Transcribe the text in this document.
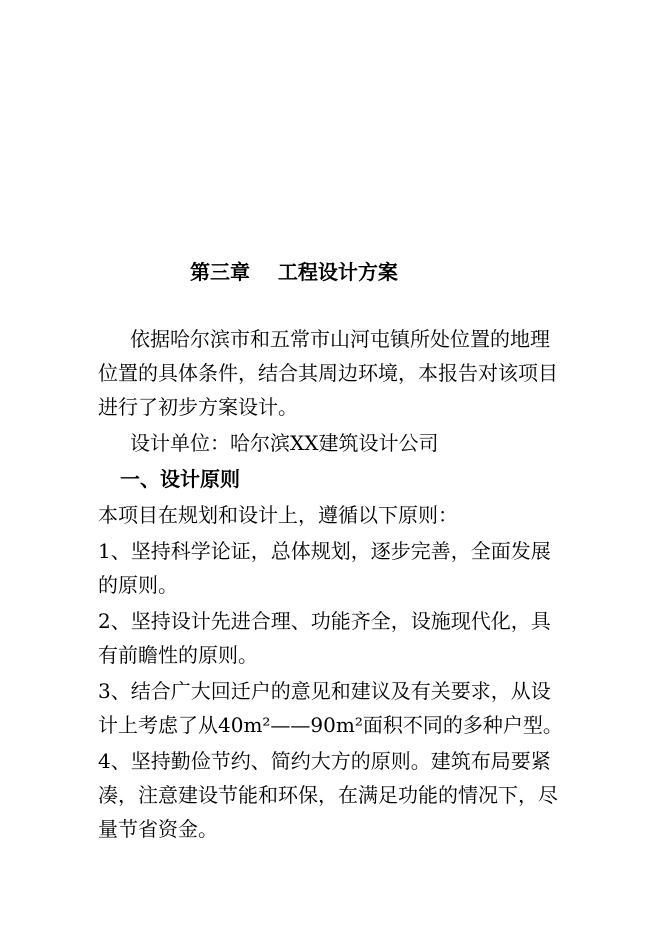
第三章    工程设计方案
依据哈尔滨市和五常市山河屯镇所处位置的地理
位置的具体条件，结合其周边环境，本报告对该项目
进行了初步方案设计。
设计单位：哈尔滨XX建筑设计公司
一、设计原则
本项目在规划和设计上，遵循以下原则：
1、坚持科学论证，总体规划，逐步完善，全面发展
的原则。
2、坚持设计先进合理、功能齐全，设施现代化，具
有前瞻性的原则。
3、结合广大回迁户的意见和建议及有关要求，从设
计上考虑了从40m²——90m²面积不同的多种户型。
4、坚持勤俭节约、简约大方的原则。建筑布局要紧
凑，注意建设节能和环保，在满足功能的情况下，尽
量节省资金。
